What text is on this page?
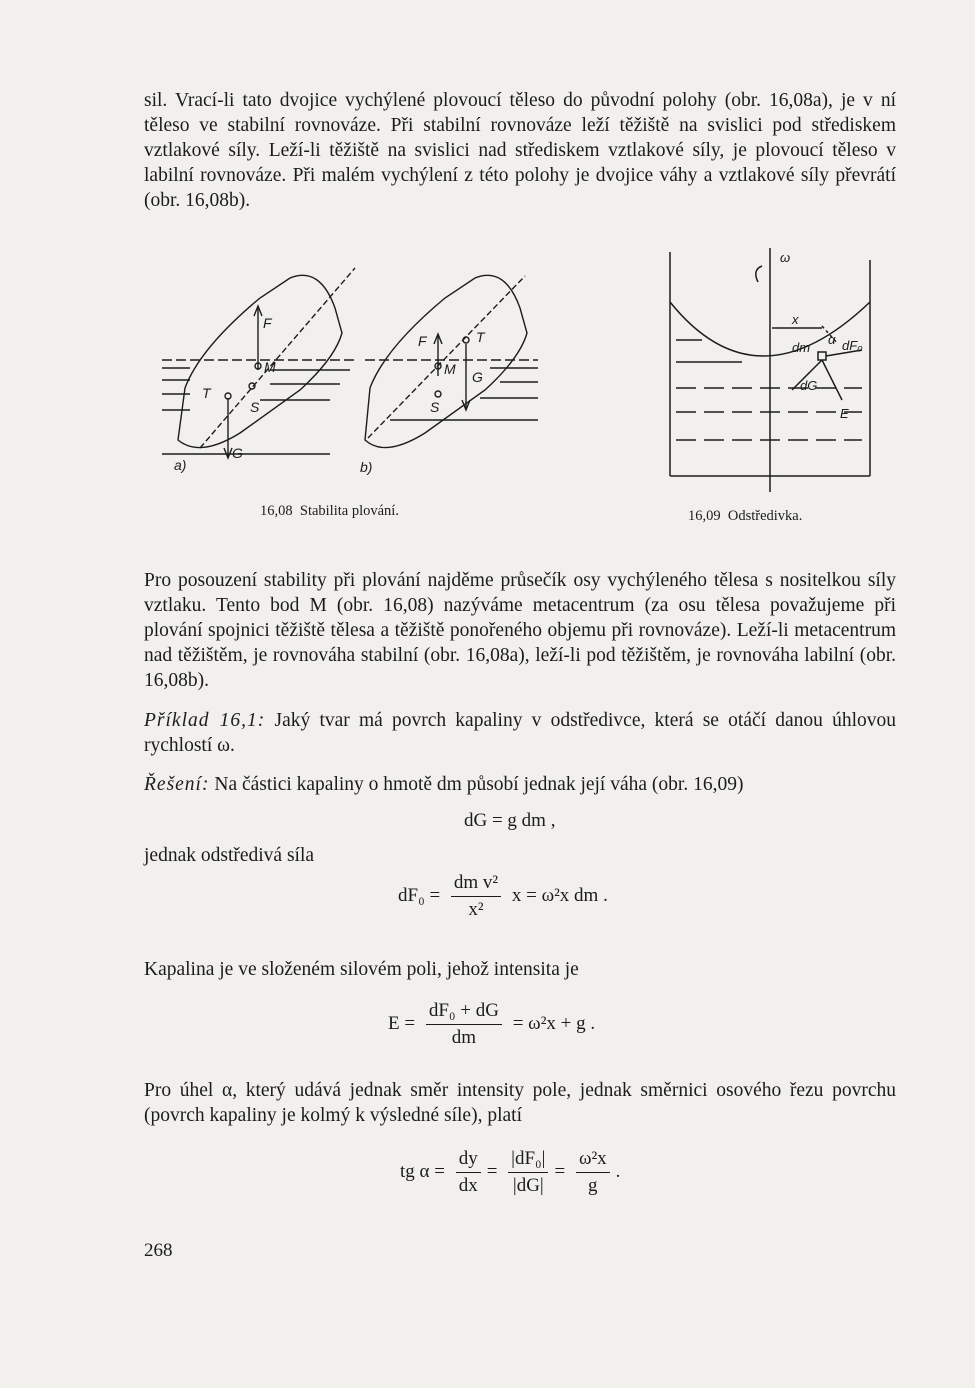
sil. Vrací-li tato dvojice vychýlené plovoucí těleso do původní polohy (obr. 16,08a), je v ní těleso ve stabilní rovnováze. Při stabilní rovnováze leží těžiště na svislici pod střediskem vztlakové síly. Leží-li těžiště na svislici nad střediskem vztlakové síly, je plovoucí těleso v labilní rovnováze. Při malém vychýlení z této polohy je dvojice váhy a vztlakové síly převrátí (obr. 16,08b).

F
M
T
S
G
a)
F
M
T
G
S
b)
ω
x
dm dF₀
dG
E
α
16,08  Stabilita plování.	16,09  Odstředivka.

Pro posouzení stability při plování najděme průsečík osy vychýleného tělesa s nositelkou síly vztlaku. Tento bod M (obr. 16,08) nazýváme metacentrum (za osu tělesa považujeme při plování spojnici těžiště tělesa a těžiště ponořeného objemu při rovnováze). Leží-li metacentrum nad těžištěm, je rovnováha stabilní (obr. 16,08a), leží-li pod těžištěm, je rovnováha labilní (obr. 16,08b).

Příklad 16,1: Jaký tvar má povrch kapaliny v odstředivce, která se otáčí danou úhlovou rychlostí ω.

Řešení: Na částici kapaliny o hmotě dm působí jednak její váha (obr. 16,09)

dG = g dm ,

jednak odstředivá síla

$dF_0 = \frac{\text{dm v²}}{\text{x²}}$ x = ω²x dm .

Kapalina je ve složeném silovém poli, jehož intensita je

$E = \frac{\text{dF₀ + dG}}{dm} = \omega^2x + g$ .

Pro úhel α, který udává jednak směr intensity pole, jednak směrnici osového řezu povrchu (povrch kapaliny je kolmý k výsledné síle), platí

tg $\alpha = \frac{dy}{dx} = \frac{\text{|dF₀|}}{|dG|} = \frac{\text{ω²x}}{g}$ .
268
